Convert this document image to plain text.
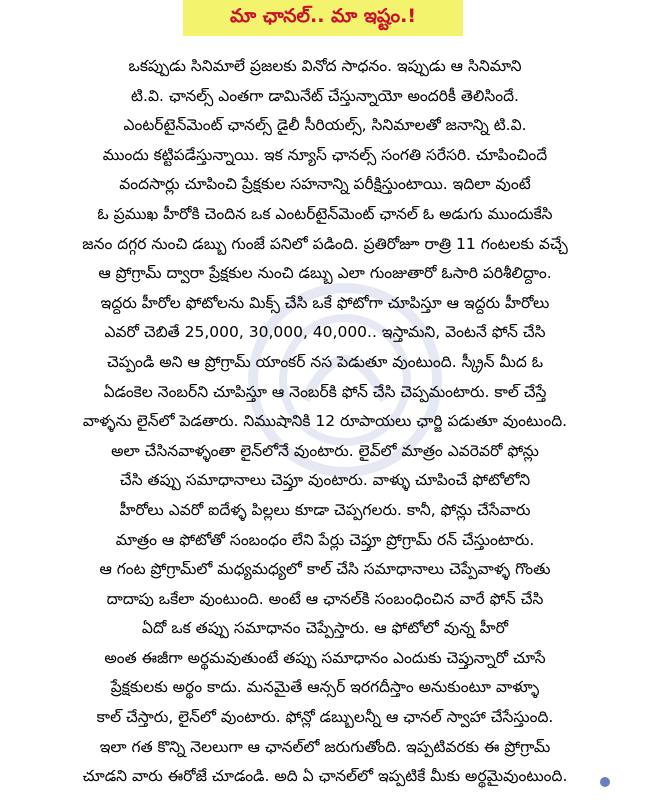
మా ఛానల్.. మా ఇష్టం.!
ఒకప్పుడు సినిమాలే ప్రజలకు వినోద సాధనం. ఇప్పుడు ఆ సినిమాని
టి.వి. ఛానల్స్ ఎంతగా డామినేట్ చేస్తున్నాయో అందరికీ తెలిసిందే.
ఎంటర్‌టైన్‌మెంట్ ఛానల్స్ డైలీ సీరియల్స్, సినిమాలతో జనాన్ని టి.వి.
ముందు కట్టిపడేస్తున్నాయి. ఇక న్యూస్ ఛానల్స్ సంగతి సరేసరి. చూపించిందే
వందసార్లు చూపించి ప్రేక్షకుల సహనాన్ని పరీక్షిస్తుంటాయి. ఇదిలా వుంటే
ఓ ప్రముఖ హీరోకి చెందిన ఒక ఎంటర్‌టైన్‌మెంట్ ఛానల్ ఓ అడుగు ముందుకేసి
జనం దగ్గర నుంచి డబ్బు గుంజే పనిలో పడింది. ప్రతిరోజూ రాత్రి 11 గంటలకు వచ్చే
ఆ ప్రోగ్రామ్ ద్వారా ప్రేక్షకుల నుంచి డబ్బు ఎలా గుంజుతారో ఓసారి పరిశీలిద్దాం.
ఇద్దరు హీరోల ఫోటోలను మిక్స్ చేసి ఒకే ఫోటోగా చూపిస్తూ ఆ ఇద్దరు హీరోలు
ఎవరో చెబితే 25,000, 30,000, 40,000.. ఇస్తామని, వెంటనే ఫోన్ చేసి
చెప్పండి అని ఆ ప్రోగ్రామ్ యాంకర్ నస పెడుతూ వుంటుంది. స్క్రీన్ మీద ఓ
ఏడంకెల నెంబర్‌ని చూపిస్తూ ఆ నెంబర్‌కి ఫోన్ చేసి చెప్పమంటారు. కాల్ చేస్తే
వాళ్ళను లైన్‌లో పెడతారు. నిముషానికి 12 రూపాయలు ఛార్జి పడుతూ వుంటుంది.
అలా చేసినవాళ్ళంతా లైన్‌లోనే వుంటారు. లైవ్‌లో మాత్రం ఎవరెవరో ఫోన్లు
చేసి తప్పు సమాధానాలు చెప్తూ వుంటారు. వాళ్ళు చూపించే ఫోటోలోని
హీరోలు ఎవరో ఐదేళ్ళ పిల్లలు కూడా చెప్పగలరు. కానీ, ఫోన్లు చేసేవారు
మాత్రం ఆ ఫోటోతో సంబంధం లేని పేర్లు చెప్తూ ప్రోగ్రామ్ రన్ చేస్తుంటారు.
ఆ గంట ప్రోగ్రామ్‌లో మధ్యమధ్యలో కాల్ చేసి సమాధానాలు చెప్పేవాళ్ళ గొంతు
దాదాపు ఒకేలా వుంటుంది. అంటే ఆ ఛానల్‌కి సంబంధించిన వారే ఫోన్ చేసి
ఏదో ఒక తప్పు సమాధానం చెప్పేస్తారు. ఆ ఫోటోలో వున్న హీరో
అంత ఈజీగా అర్థమవుతుంటే తప్పు సమాధానం ఎందుకు చెప్తున్నారో చూసే
ప్రేక్షకులకు అర్థం కాదు. మనమైతే ఆన్సర్ ఇరగదీస్తాం అనుకుంటూ వాళ్ళూ
కాల్ చేస్తారు, లైన్‌లో వుంటారు. ఫోన్లో డబ్బులన్నీ ఆ ఛానల్ స్వాహా చేసేస్తుంది.
ఇలా గత కొన్ని నెలలుగా ఆ ఛానల్‌లో జరుగుతోంది. ఇప్పటివరకు ఈ ప్రోగ్రామ్
చూడని వారు ఈరోజే చూడండి. అది ఏ ఛానల్‌లో ఇప్పటికే మీకు అర్థమైవుంటుంది.
